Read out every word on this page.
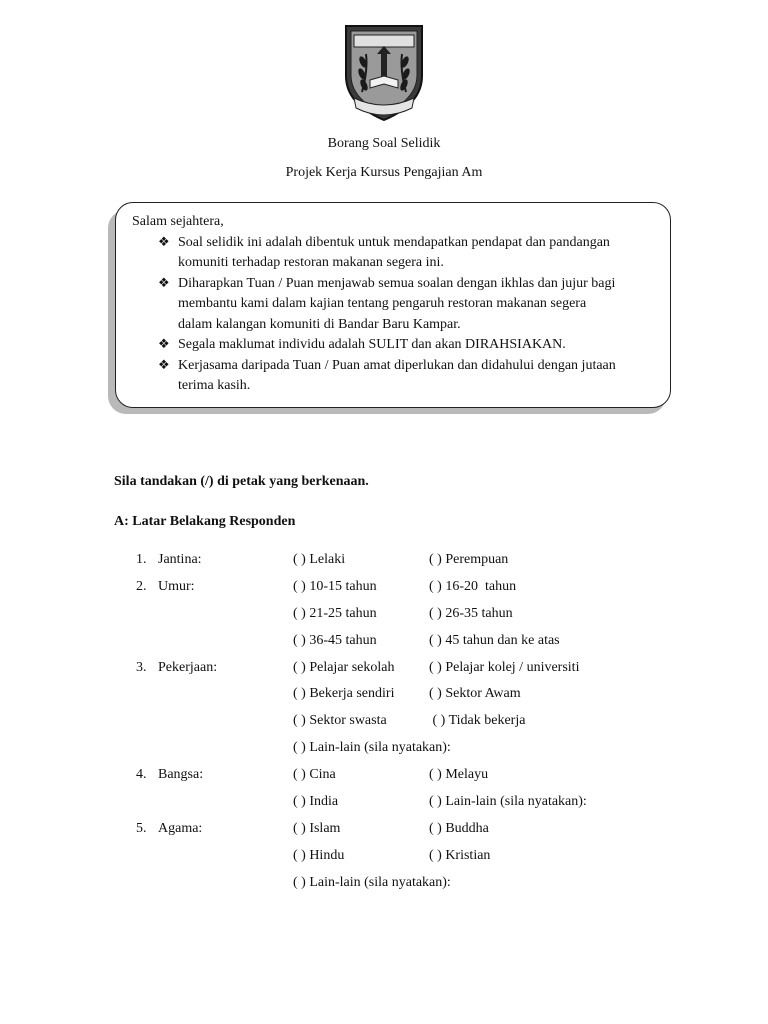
Borang Soal Selidik
Projek Kerja Kursus Pengajian Am
Salam sejahtera,
❖ Soal selidik ini adalah dibentuk untuk mendapatkan pendapat dan pandangan
komuniti terhadap restoran makanan segera ini.
❖ Diharapkan Tuan / Puan menjawab semua soalan dengan ikhlas dan jujur bagi
membantu kami dalam kajian tentang pengaruh restoran makanan segera
dalam kalangan komuniti di Bandar Baru Kampar.
❖ Segala maklumat individu adalah SULIT dan akan DIRAHSIAKAN.
❖ Kerjasama daripada Tuan / Puan amat diperlukan dan didahului dengan jutaan
terima kasih.
Sila tandakan (/) di petak yang berkenaan.
A: Latar Belakang Responden
1. Jantina:	( ) Lelaki	( ) Perempuan
2. Umur:	( ) 10-15 tahun	( ) 16-20  tahun
( ) 21-25 tahun	( ) 26-35 tahun
( ) 36-45 tahun	( ) 45 tahun dan ke atas
3. Pekerjaan:	( ) Pelajar sekolah ( ) Pelajar kolej / universiti
( ) Bekerja sendiri ( ) Sektor Awam
( ) Sektor swasta	( ) Tidak bekerja
( ) Lain-lain (sila nyatakan):
4. Bangsa:	( ) Cina	( ) Melayu
( ) India	( ) Lain-lain (sila nyatakan):
5. Agama:	( ) Islam	( ) Buddha
( ) Hindu	( ) Kristian
( ) Lain-lain (sila nyatakan):
